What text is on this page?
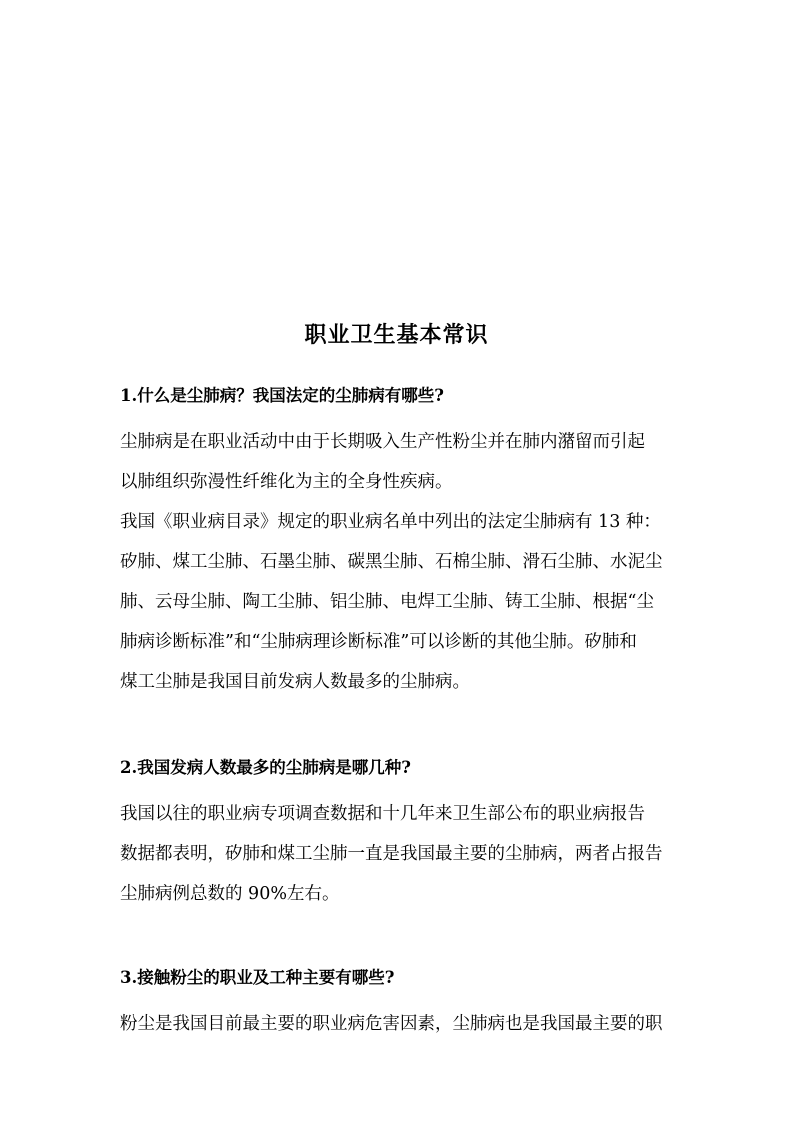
职业卫生基本常识
1.什么是尘肺病？我国法定的尘肺病有哪些?
尘肺病是在职业活动中由于长期吸入生产性粉尘并在肺内潴留而引起
以肺组织弥漫性纤维化为主的全身性疾病。
我国《职业病目录》规定的职业病名单中列出的法定尘肺病有 13 种：
矽肺、煤工尘肺、石墨尘肺、碳黑尘肺、石棉尘肺、滑石尘肺、水泥尘
肺、云母尘肺、陶工尘肺、铝尘肺、电焊工尘肺、铸工尘肺、根据“尘
肺病诊断标准”和“尘肺病理诊断标准”可以诊断的其他尘肺。矽肺和
煤工尘肺是我国目前发病人数最多的尘肺病。
2.我国发病人数最多的尘肺病是哪几种?
我国以往的职业病专项调查数据和十几年来卫生部公布的职业病报告
数据都表明，矽肺和煤工尘肺一直是我国最主要的尘肺病，两者占报告
尘肺病例总数的 90%左右。
3.接触粉尘的职业及工种主要有哪些?
粉尘是我国目前最主要的职业病危害因素，尘肺病也是我国最主要的职
